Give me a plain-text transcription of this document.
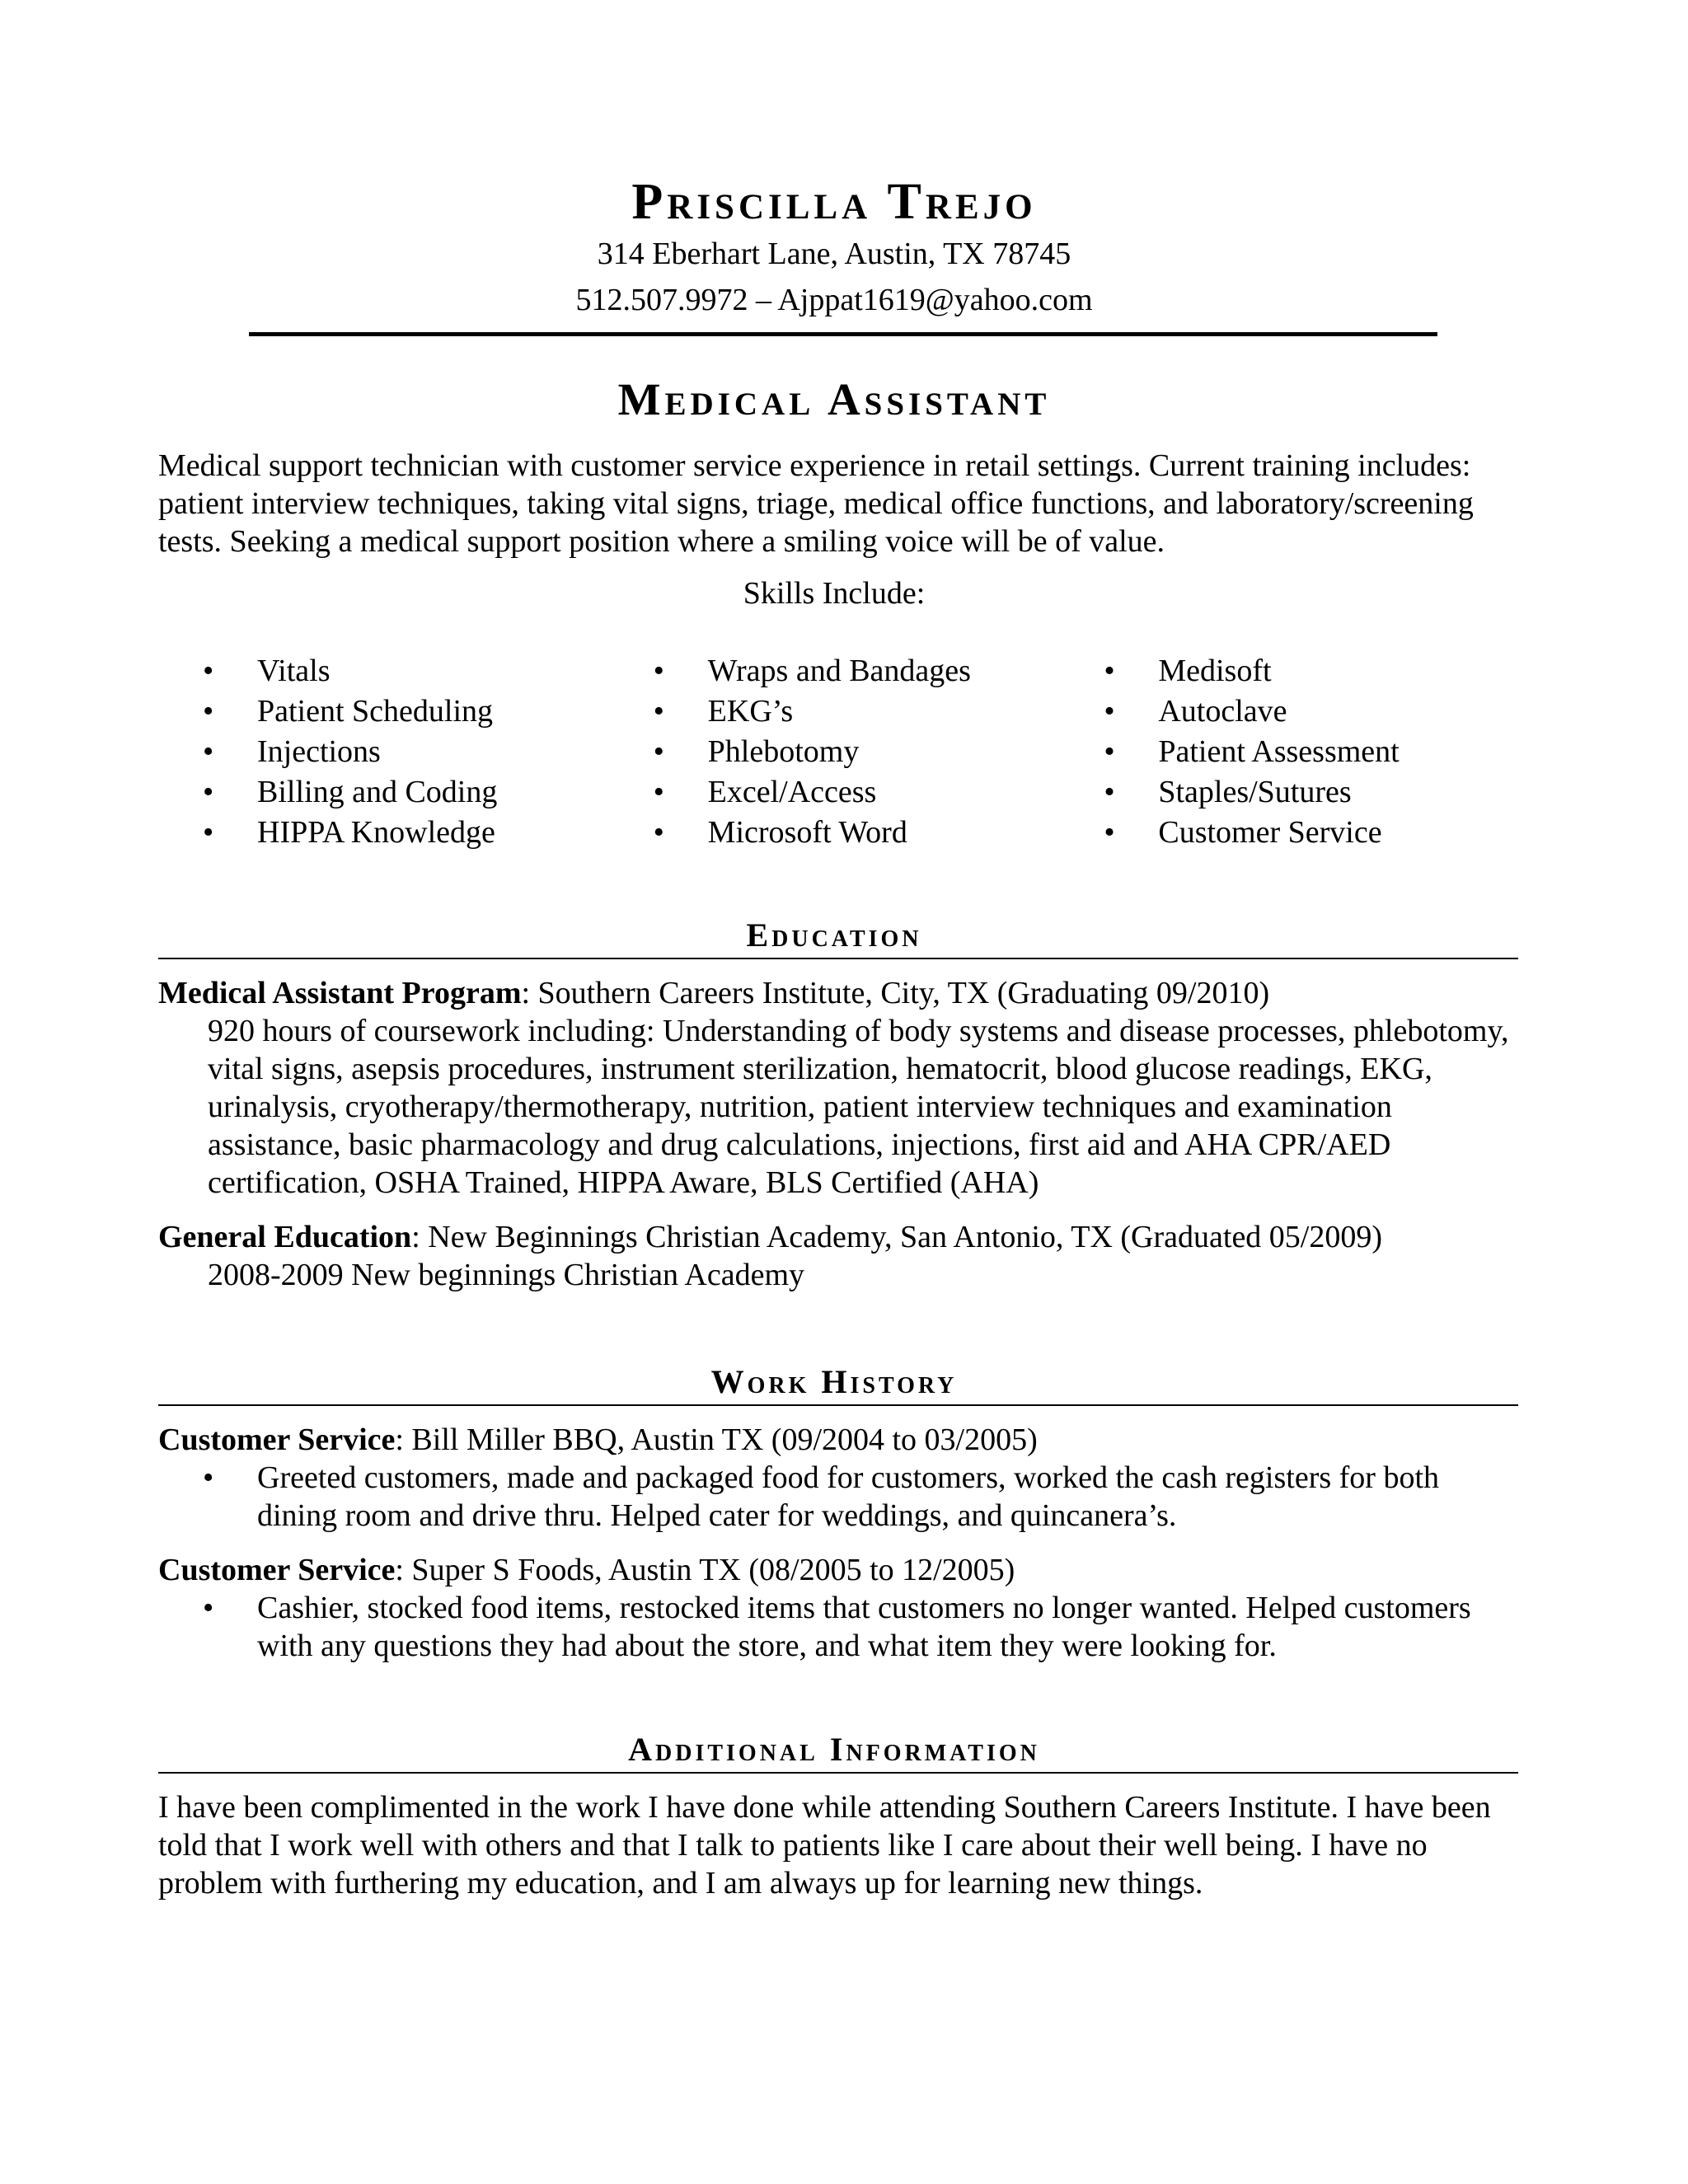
Priscilla Trejo

314 Eberhart Lane, Austin, TX 78745

512.507.9972 – Ajppat1619@yahoo.com

Medical Assistant

Medical support technician with customer service experience in retail settings. Current training includes: patient interview techniques, taking vital signs, triage, medical office functions, and laboratory/screening tests. Seeking a medical support position where a smiling voice will be of value.

Skills Include:

• Vitals
• Patient Scheduling
• Injections
• Billing and Coding
• HIPPA Knowledge
• Wraps and Bandages
• EKG’s
• Phlebotomy
• Excel/Access
• Microsoft Word
• Medisoft
• Autoclave
• Patient Assessment
• Staples/Sutures
• Customer Service
Education

Medical Assistant Program: Southern Careers Institute, City, TX (Graduating 09/2010)

920 hours of coursework including: Understanding of body systems and disease processes, phlebotomy, vital signs, asepsis procedures, instrument sterilization, hematocrit, blood glucose readings, EKG, urinalysis, cryotherapy/thermotherapy, nutrition, patient interview techniques and examination assistance, basic pharmacology and drug calculations, injections, first aid and AHA CPR/AED certification, OSHA Trained, HIPPA Aware, BLS Certified (AHA)

General Education: New Beginnings Christian Academy, San Antonio, TX (Graduated 05/2009)

2008-2009 New beginnings Christian Academy

Work History

Customer Service: Bill Miller BBQ, Austin TX (09/2004 to 03/2005)

• Greeted customers, made and packaged food for customers, worked the cash registers for both dining room and drive thru. Helped cater for weddings, and quincanera’s.

Customer Service: Super S Foods, Austin TX (08/2005 to 12/2005)

• Cashier, stocked food items, restocked items that customers no longer wanted. Helped customers with any questions they had about the store, and what item they were looking for.

Additional Information

I have been complimented in the work I have done while attending Southern Careers Institute. I have been told that I work well with others and that I talk to patients like I care about their well being. I have no problem with furthering my education, and I am always up for learning new things.
